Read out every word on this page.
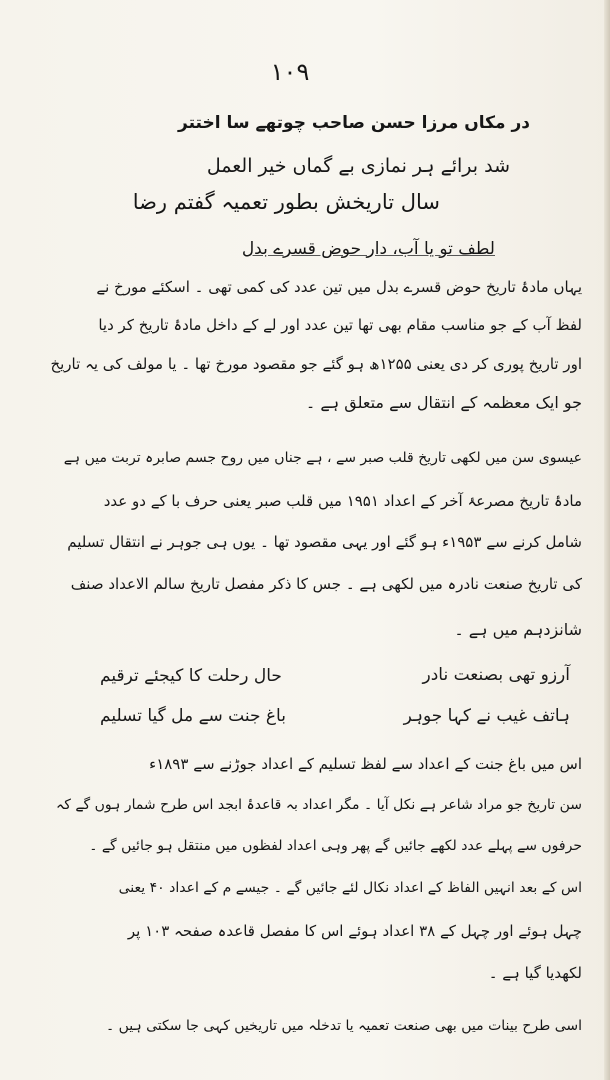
۱۰۹
در مکاں مرزا حسن صاحب چوتھے سا اختتر
شد برائے ہر نمازی بے گماں خیر العمل
سال تاریخش بطور تعمیہ گفتم رضا
لطف تو یا آب، دار حوض قسرے بدل
یہاں مادۂ تاریخ حوض قسرے بدل میں تین عدد کی کمی تھی ۔ اسکئے مورخ نے
لفظ آب کے جو مناسب مقام بھی تھا تین عدد اور لے کے داخل مادۂ تاریخ کر دیا
اور تاریخ پوری کر دی یعنی ۱۲۵۵ھ ہو گئے جو مقصود مورخ تھا ۔ یا مولف کی یہ تاریخ
جو ایک معظمہ کے انتقال سے متعلق ہے ۔
عیسوی سن میں لکھی تاریخ قلب صبر سے ، ہے جناں میں روح جسم صابرہ تربت میں ہے
مادۂ تاریخ مصرعۂ آخر کے اعداد ۱۹۵۱ میں قلب صبر یعنی حرف با کے دو عدد
شامل کرنے سے ۱۹۵۳ء ہو گئے اور یہی مقصود تھا ۔ یوں ہی جوہر نے انتقال تسلیم
کی تاریخ صنعت نادرہ میں لکھی ہے ۔ جس کا ذکر مفصل تاریخ سالم الاعداد صنف
شانزدہم میں ہے ۔
آرزو تھی بصنعت نادر
حال رحلت کا کیجئے ترقیم
ہاتف غیب نے کہا جوہر
باغ جنت سے مل گیا تسلیم
اس میں باغ جنت کے اعداد سے لفظ تسلیم کے اعداد جوڑنے سے ۱۸۹۳ء
سن تاریخ جو مراد شاعر ہے نکل آیا ۔ مگر اعداد بہ قاعدۂ ابجد اس طرح شمار ہوں گے کہ
حرفوں سے پہلے عدد لکھے جائیں گے پھر وہی اعداد لفظوں میں منتقل ہو جائیں گے ۔
اس کے بعد انہیں الفاظ کے اعداد نکال لئے جائیں گے ۔ جیسے م کے اعداد ۴۰ یعنی
چہل ہوئے اور چہل کے ۳۸ اعداد ہوئے اس کا مفصل قاعدہ صفحہ ۱۰۳ پر
لکھدیا گیا ہے ۔
اسی طرح بینات میں بھی صنعت تعمیہ یا تدخلہ میں تاریخیں کہی جا سکتی ہیں ۔
